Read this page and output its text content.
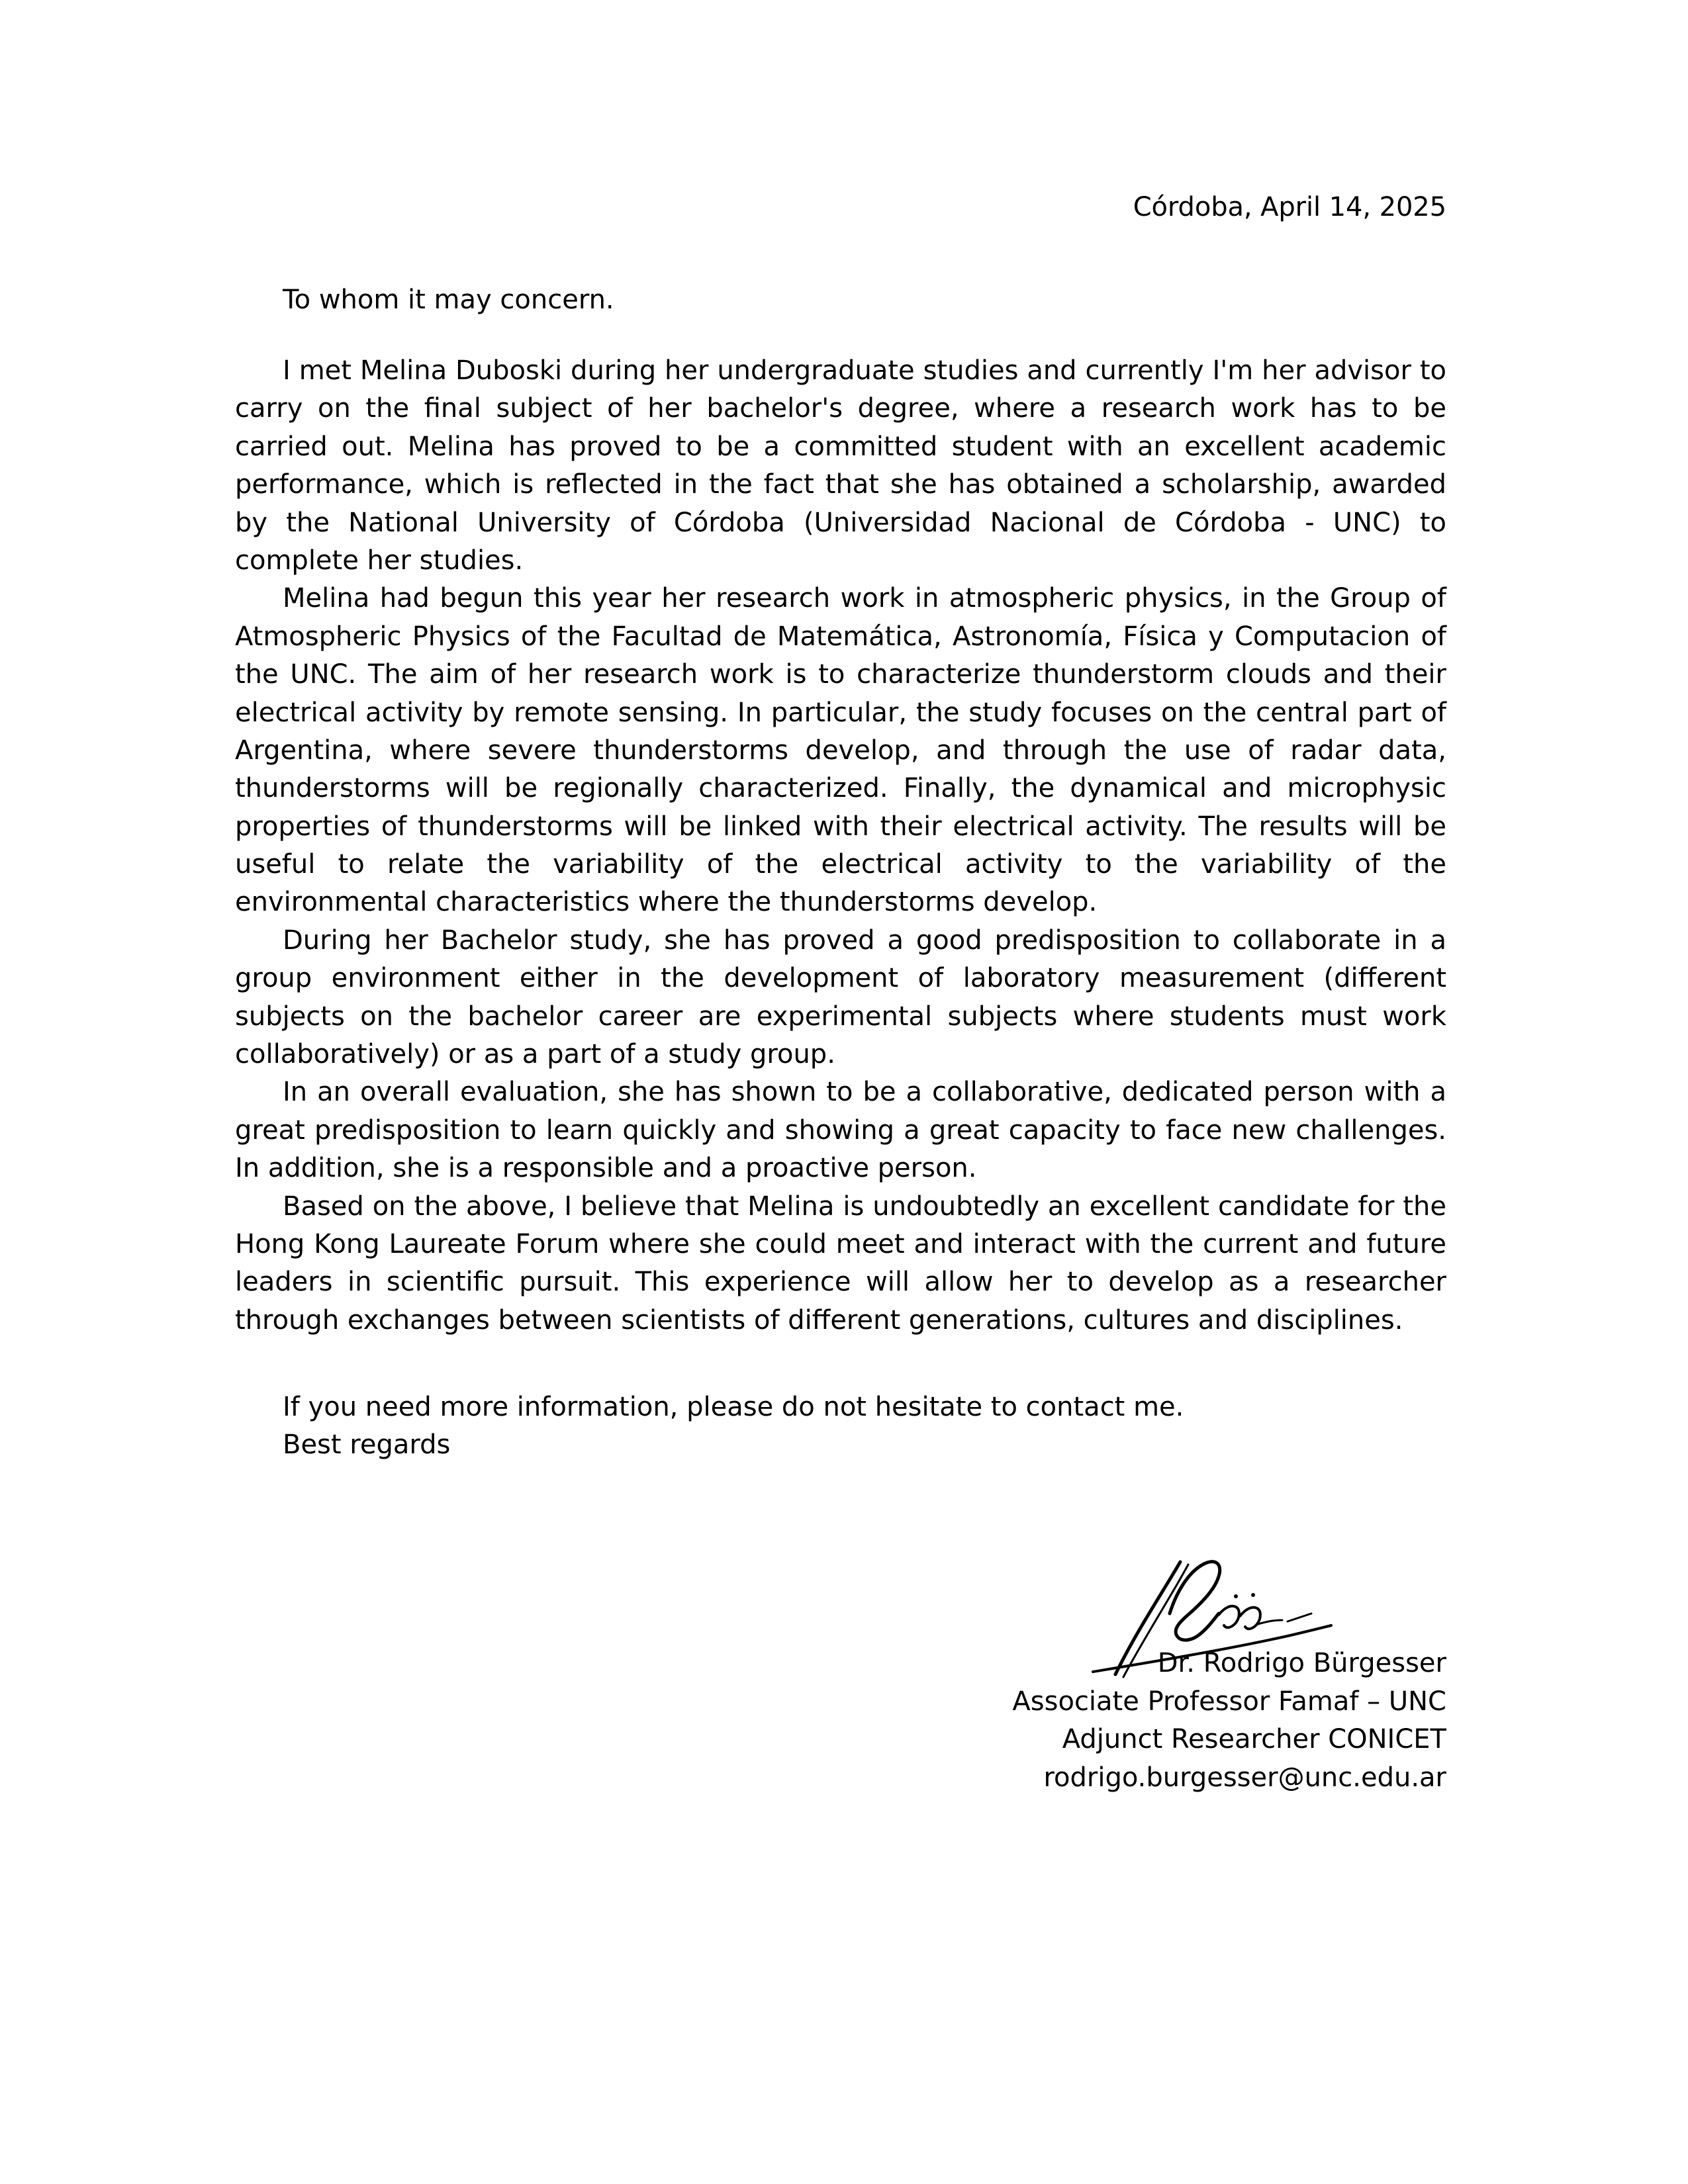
Córdoba, April 14, 2025
To whom it may concern.

I met Melina Duboski during her undergraduate studies and currently I'm her advisor to carry on the final subject of her bachelor's degree, where a research work has to be carried out. Melina has proved to be a committed student with an excellent academic performance, which is reflected in the fact that she has obtained a scholarship, awarded by the National University of Córdoba (Universidad Nacional de Córdoba - UNC) to complete her studies.

Melina had begun this year her research work in atmospheric physics, in the Group of Atmospheric Physics of the Facultad de Matemática, Astronomía, Física y Computacion of the UNC. The aim of her research work is to characterize thunderstorm clouds and their electrical activity by remote sensing. In particular, the study focuses on the central part of Argentina, where severe thunderstorms develop, and through the use of radar data, thunderstorms will be regionally characterized. Finally, the dynamical and microphysic properties of thunderstorms will be linked with their electrical activity. The results will be useful to relate the variability of the electrical activity to the variability of the environmental characteristics where the thunderstorms develop.

During her Bachelor study, she has proved a good predisposition to collaborate in a group environment either in the development of laboratory measurement (different subjects on the bachelor career are experimental subjects where students must work collaboratively) or as a part of a study group.

In an overall evaluation, she has shown to be a collaborative, dedicated person with a great predisposition to learn quickly and showing a great capacity to face new challenges. In addition, she is a responsible and a proactive person.

Based on the above, I believe that Melina is undoubtedly an excellent candidate for the Hong Kong Laureate Forum where she could meet and interact with the current and future leaders in scientific pursuit. This experience will allow her to develop as a researcher through exchanges between scientists of different generations, cultures and disciplines.

If you need more information, please do not hesitate to contact me.
Best regards
Dr. Rodrigo Bürgesser
Associate Professor Famaf – UNC
Adjunct Researcher CONICET
rodrigo.burgesser@unc.edu.ar
